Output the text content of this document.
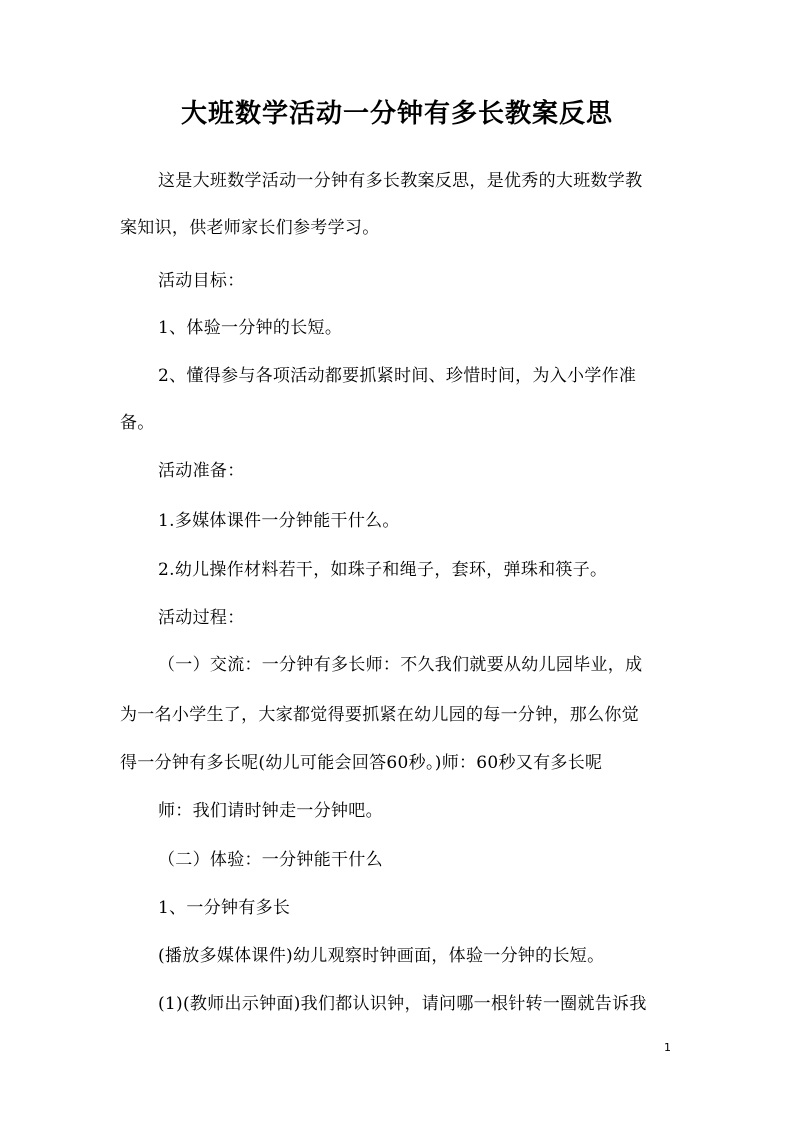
大班数学活动一分钟有多长教案反思
这是大班数学活动一分钟有多长教案反思，是优秀的大班数学教
案知识，供老师家长们参考学习。
活动目标：
1、体验一分钟的长短。
2、懂得参与各项活动都要抓紧时间、珍惜时间，为入小学作准
备。
活动准备：
1.多媒体课件一分钟能干什么。
2.幼儿操作材料若干，如珠子和绳子，套环，弹珠和筷子。
活动过程：
（一）交流：一分钟有多长师：不久我们就要从幼儿园毕业，成
为一名小学生了，大家都觉得要抓紧在幼儿园的每一分钟，那么你觉
得一分钟有多长呢(幼儿可能会回答60秒。)师：60秒又有多长呢
师：我们请时钟走一分钟吧。
（二）体验：一分钟能干什么
1、一分钟有多长
(播放多媒体课件)幼儿观察时钟画面，体验一分钟的长短。
(1)(教师出示钟面)我们都认识钟，请问哪一根针转一圈就告诉我
1
